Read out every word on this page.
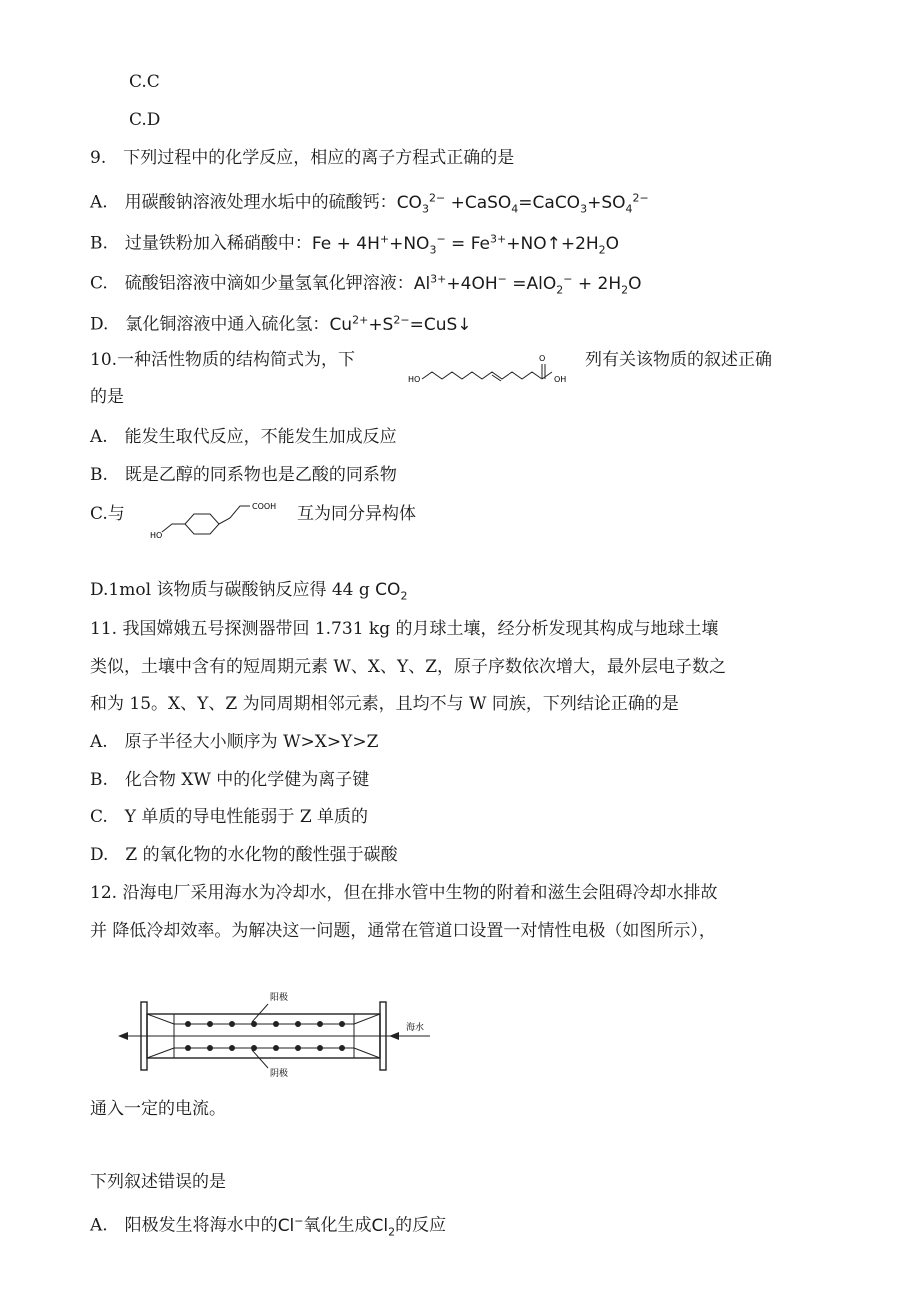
C.C
C.D
9.　下列过程中的化学反应，相应的离子方程式正确的是
A.　用碳酸钠溶液处理水垢中的硫酸钙：$CO_3^{2-}$ $+CaSO_4=CaCO_3+SO_4^{2-}$
B.　过量铁粉加入稀硝酸中：$Fe + 4H^++NO_3^-$ = $Fe^{3+}+NO↑+2H_2O$
C.　硫酸铝溶液中滴如少量氢氧化钾溶液：$Al^{3+}+4OH^- =AlO_2^- + 2H_2O$
D.　氯化铜溶液中通入硫化氢：$Cu^{2+}+S^{2-}=CuS↓$
10.一种活性物质的结构简式为，下
HO
O
OH
列有关该物质的叙述正确
的是
A.　能发生取代反应，不能发生加成反应
B.　既是乙醇的同系物也是乙酸的同系物
C.与
HO
COOH 互为同分异构体
D.1mol 该物质与碳酸钠反应得 44 g $CO_2$
11. 我国嫦娥五号探测器带回 1.731 kg 的月球土壤，经分析发现其构成与地球土壤
类似，土壤中含有的短周期元素 W、X、Y、Z，原子序数依次增大，最外层电子数之
和为 15。X、Y、Z 为同周期相邻元素，且均不与 W 同族，下列结论正确的是
A.　原子半径大小顺序为 W>X>Y>Z
B.　化合物 XW 中的化学健为离子键
C.　Y 单质的导电性能弱于 Z 单质的
D.　Z 的氧化物的水化物的酸性强于碳酸
12. 沿海电厂采用海水为冷却水，但在排水管中生物的附着和滋生会阻碍冷却水排故
并 降低冷却效率。为解决这一问题，通常在管道口设置一对情性电极（如图所示），
阳极
阴极
海水
通入一定的电流。
下列叙述错误的是
A.　阳极发生将海水中的Cl−氧化生成$Cl_2$的反应
